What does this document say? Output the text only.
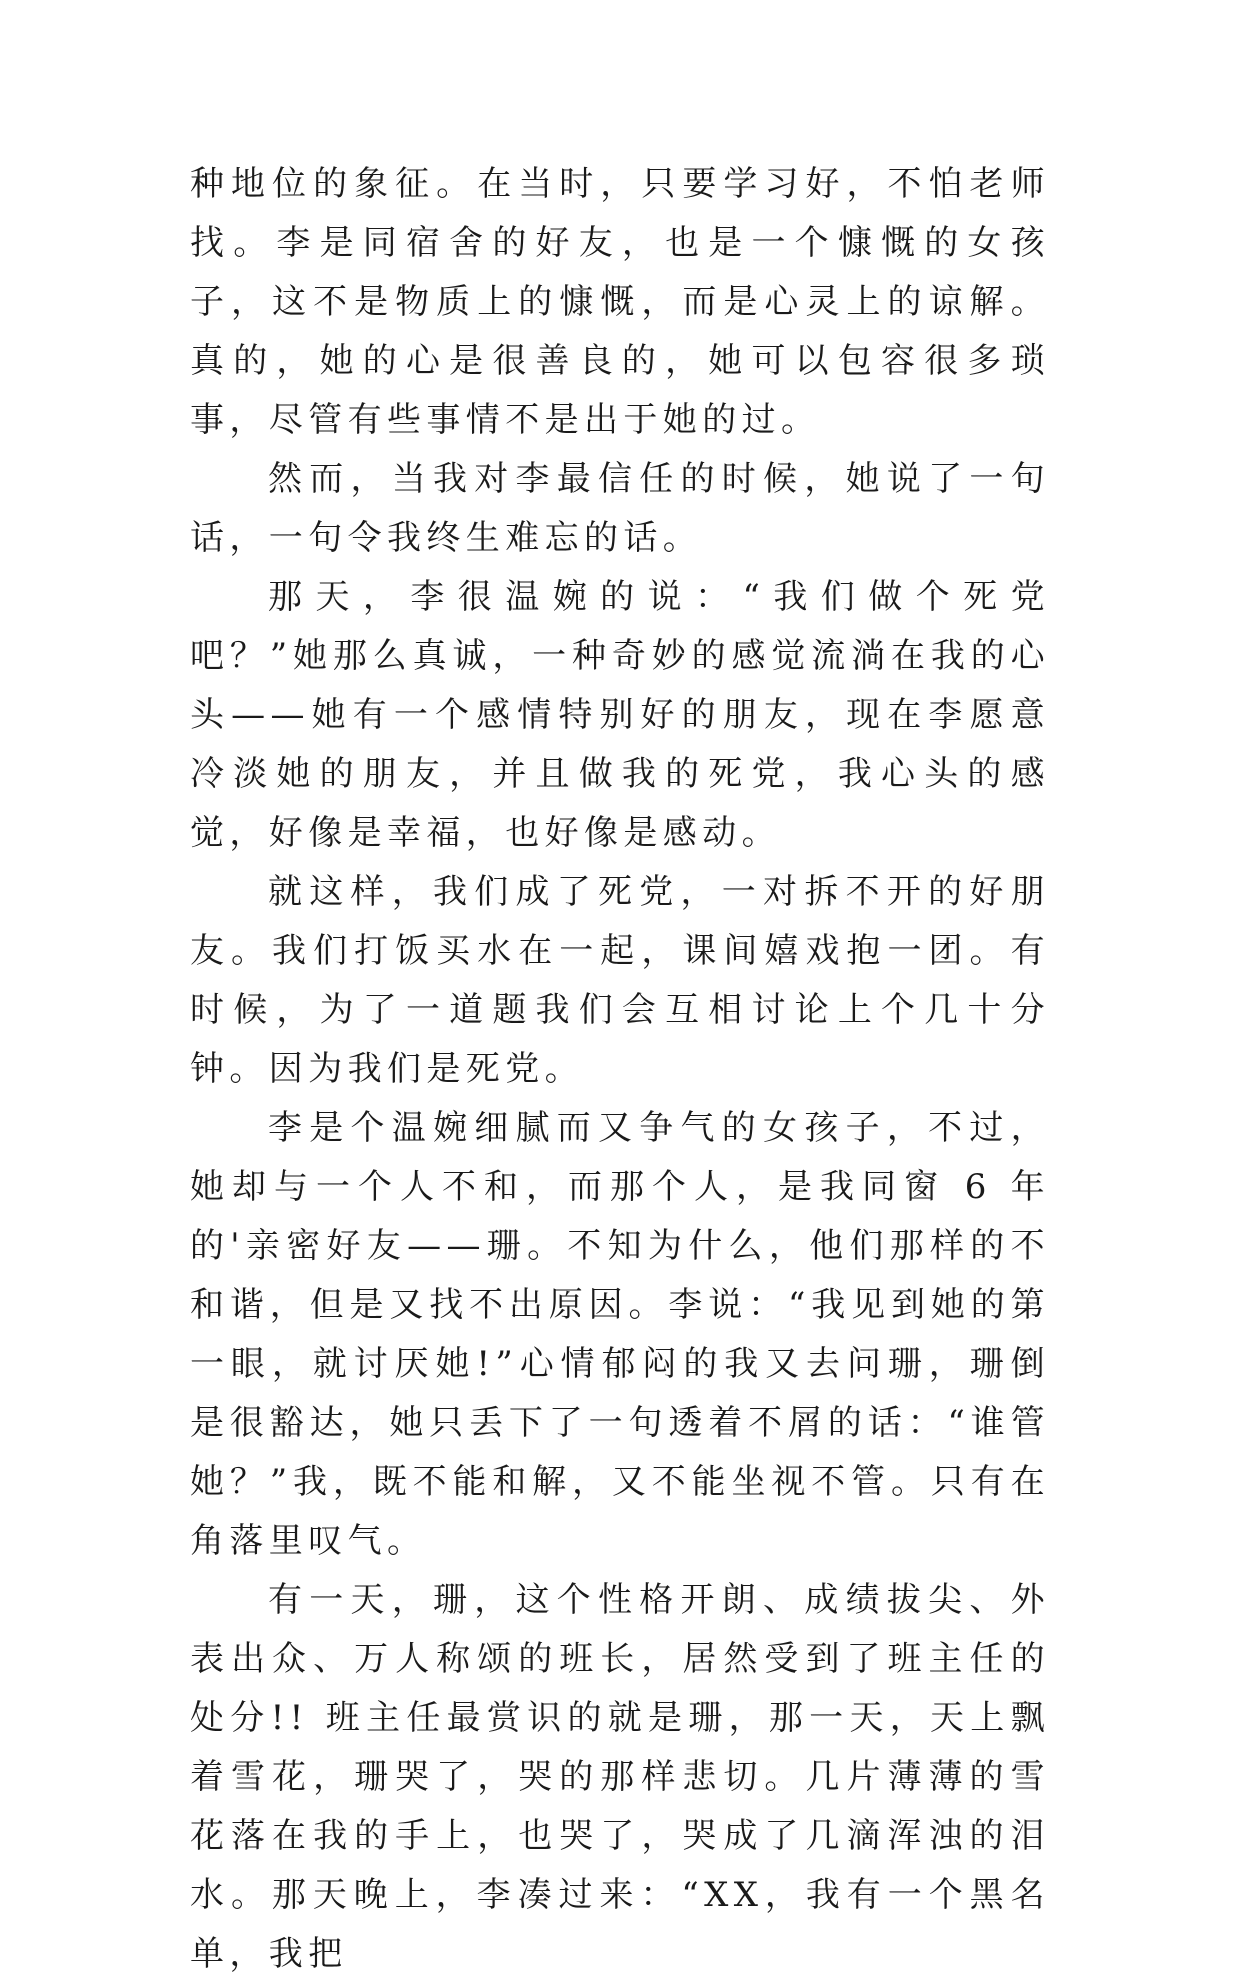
种地位的象征。在当时，只要学习好，不怕老师找。李是同宿舍的好友，也是一个慷慨的女孩子，这不是物质上的慷慨，而是心灵上的谅解。真的，她的心是很善良的，她可以包容很多琐事，尽管有些事情不是出于她的过。

然而，当我对李最信任的时候，她说了一句话，一句令我终生难忘的话。

那天，李很温婉的说：“我们做个死党吧？”她那么真诚，一种奇妙的感觉流淌在我的心头——她有一个感情特别好的朋友，现在李愿意冷淡她的朋友，并且做我的死党，我心头的感觉，好像是幸福，也好像是感动。

就这样，我们成了死党，一对拆不开的好朋友。我们打饭买水在一起，课间嬉戏抱一团。有时候，为了一道题我们会互相讨论上个几十分钟。因为我们是死党。

李是个温婉细腻而又争气的女孩子，不过，她却与一个人不和，而那个人，是我同窗 6 年的'亲密好友——珊。不知为什么，他们那样的不和谐，但是又找不出原因。李说：“我见到她的第一眼，就讨厌她!”心情郁闷的我又去问珊，珊倒是很豁达，她只丢下了一句透着不屑的话：“谁管她？”我，既不能和解，又不能坐视不管。只有在角落里叹气。

有一天，珊，这个性格开朗、成绩拔尖、外表出众、万人称颂的班长，居然受到了班主任的处分!! 班主任最赏识的就是珊，那一天，天上飘着雪花，珊哭了，哭的那样悲切。几片薄薄的雪花落在我的手上，也哭了，哭成了几滴浑浊的泪水。那天晚上，李凑过来：“XX，我有一个黑名单，我把
